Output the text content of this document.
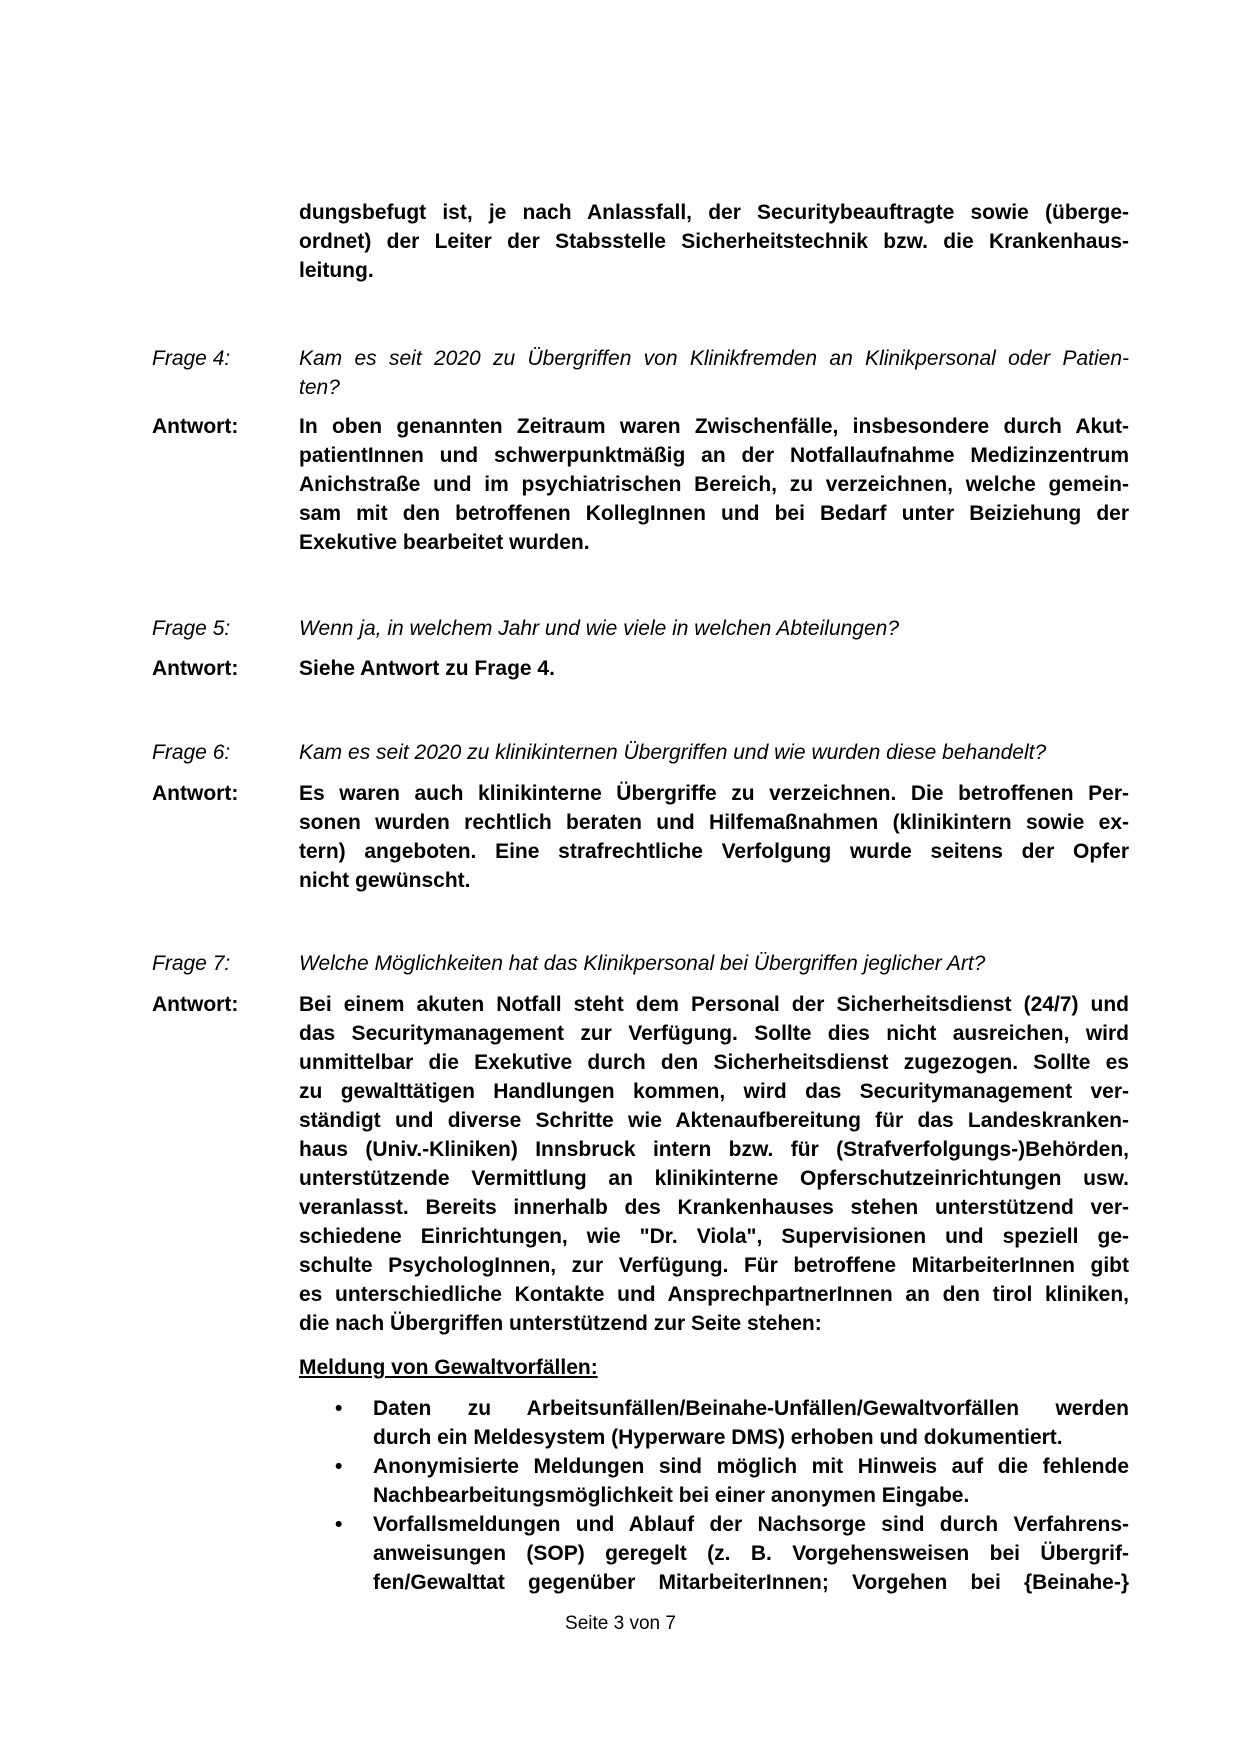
dungsbefugt ist, je nach Anlassfall, der Securitybeauftragte sowie (überge-
ordnet) der Leiter der Stabsstelle Sicherheitstechnik bzw. die Krankenhaus-
leitung.
Frage 4:	Kam es seit 2020 zu Übergriffen von Klinikfremden an Klinikpersonal oder Patien-
ten?
Antwort:	In oben genannten Zeitraum waren Zwischenfälle, insbesondere durch Akut-
patientInnen und schwerpunktmäßig an der Notfallaufnahme Medizinzentrum
Anichstraße und im psychiatrischen Bereich, zu verzeichnen, welche gemein-
sam mit den betroffenen KollegInnen und bei Bedarf unter Beiziehung der
Exekutive bearbeitet wurden.
Frage 5:	Wenn ja, in welchem Jahr und wie viele in welchen Abteilungen?
Antwort:	Siehe Antwort zu Frage 4.
Frage 6:	Kam es seit 2020 zu klinikinternen Übergriffen und wie wurden diese behandelt?
Antwort:	Es waren auch klinikinterne Übergriffe zu verzeichnen. Die betroffenen Per-
sonen wurden rechtlich beraten und Hilfemaßnahmen (klinikintern sowie ex-
tern) angeboten. Eine strafrechtliche Verfolgung wurde seitens der Opfer
nicht gewünscht.
Frage 7:	Welche Möglichkeiten hat das Klinikpersonal bei Übergriffen jeglicher Art?
Antwort:	Bei einem akuten Notfall steht dem Personal der Sicherheitsdienst (24/7) und
das Securitymanagement zur Verfügung. Sollte dies nicht ausreichen, wird
unmittelbar die Exekutive durch den Sicherheitsdienst zugezogen. Sollte es
zu gewalttätigen Handlungen kommen, wird das Securitymanagement ver-
ständigt und diverse Schritte wie Aktenaufbereitung für das Landeskranken-
haus (Univ.-Kliniken) Innsbruck intern bzw. für (Strafverfolgungs-)Behörden,
unterstützende Vermittlung an klinikinterne Opferschutzeinrichtungen usw.
veranlasst. Bereits innerhalb des Krankenhauses stehen unterstützend ver-
schiedene Einrichtungen, wie "Dr. Viola", Supervisionen und speziell ge-
schulte PsychologInnen, zur Verfügung. Für betroffene MitarbeiterInnen gibt
es unterschiedliche Kontakte und AnsprechpartnerInnen an den tirol kliniken,
die nach Übergriffen unterstützend zur Seite stehen:
Meldung von Gewaltvorfällen:
• Daten zu Arbeitsunfällen/Beinahe-Unfällen/Gewaltvorfällen werden
durch ein Meldesystem (Hyperware DMS) erhoben und dokumentiert.
• Anonymisierte Meldungen sind möglich mit Hinweis auf die fehlende
Nachbearbeitungsmöglichkeit bei einer anonymen Eingabe.
• Vorfallsmeldungen und Ablauf der Nachsorge sind durch Verfahrens-
anweisungen (SOP) geregelt (z. B. Vorgehensweisen bei Übergrif-
fen/Gewalttat gegenüber MitarbeiterInnen; Vorgehen bei {Beinahe-}
Seite 3 von 7
